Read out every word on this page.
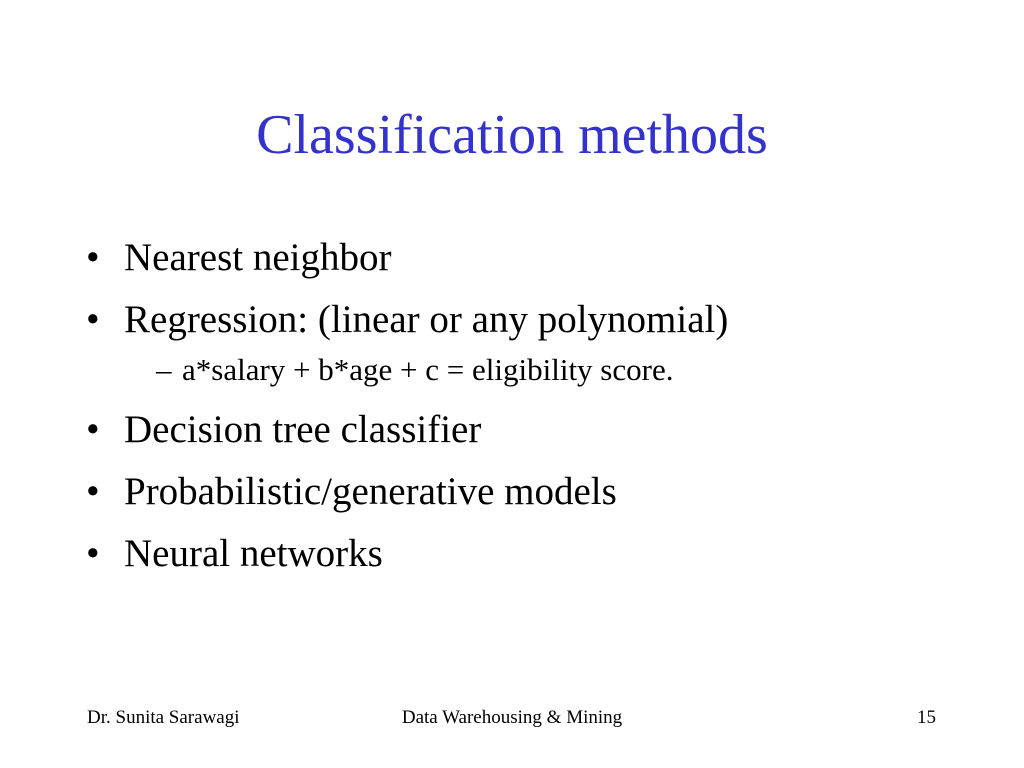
Classification methods
• Nearest neighbor
• Regression: (linear or any polynomial)
– a*salary + b*age + c = eligibility score.
• Decision tree classifier
• Probabilistic/generative models
• Neural networks
Dr. Sunita Sarawagi	Data Warehousing & Mining	15
